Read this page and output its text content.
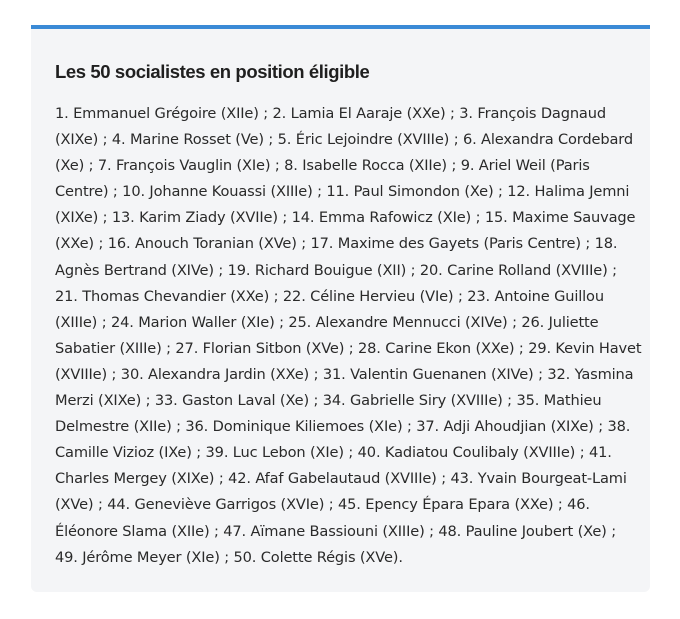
Les 50 socialistes en position éligible

1. Emmanuel Grégoire (XIIe) ; 2. Lamia El Aaraje (XXe) ; 3. François Dagnaud
(XIXe) ; 4. Marine Rosset (Ve) ; 5. Éric Lejoindre (XVIIIe) ; 6. Alexandra Cordebard
(Xe) ; 7. François Vauglin (XIe) ; 8. Isabelle Rocca (XIIe) ; 9. Ariel Weil (Paris
Centre) ; 10. Johanne Kouassi (XIIIe) ; 11. Paul Simondon (Xe) ; 12. Halima Jemni
(XIXe) ; 13. Karim Ziady (XVIIe) ; 14. Emma Rafowicz (XIe) ; 15. Maxime Sauvage
(XXe) ; 16. Anouch Toranian (XVe) ; 17. Maxime des Gayets (Paris Centre) ; 18.
Agnès Bertrand (XIVe) ; 19. Richard Bouigue (XII) ; 20. Carine Rolland (XVIIIe) ;
21. Thomas Chevandier (XXe) ; 22. Céline Hervieu (VIe) ; 23. Antoine Guillou
(XIIIe) ; 24. Marion Waller (XIe) ; 25. Alexandre Mennucci (XIVe) ; 26. Juliette
Sabatier (XIIIe) ; 27. Florian Sitbon (XVe) ; 28. Carine Ekon (XXe) ; 29. Kevin Havet
(XVIIIe) ; 30. Alexandra Jardin (XXe) ; 31. Valentin Guenanen (XIVe) ; 32. Yasmina
Merzi (XIXe) ; 33. Gaston Laval (Xe) ; 34. Gabrielle Siry (XVIIIe) ; 35. Mathieu
Delmestre (XIIe) ; 36. Dominique Kiliemoes (XIe) ; 37. Adji Ahoudjian (XIXe) ; 38.
Camille Vizioz (IXe) ; 39. Luc Lebon (XIe) ; 40. Kadiatou Coulibaly (XVIIIe) ; 41.
Charles Mergey (XIXe) ; 42. Afaf Gabelautaud (XVIIIe) ; 43. Yvain Bourgeat-Lami
(XVe) ; 44. Geneviève Garrigos (XVIe) ; 45. Epency Épara Epara (XXe) ; 46.
Éléonore Slama (XIIe) ; 47. Aïmane Bassiouni (XIIIe) ; 48. Pauline Joubert (Xe) ;
49. Jérôme Meyer (XIe) ; 50. Colette Régis (XVe).
